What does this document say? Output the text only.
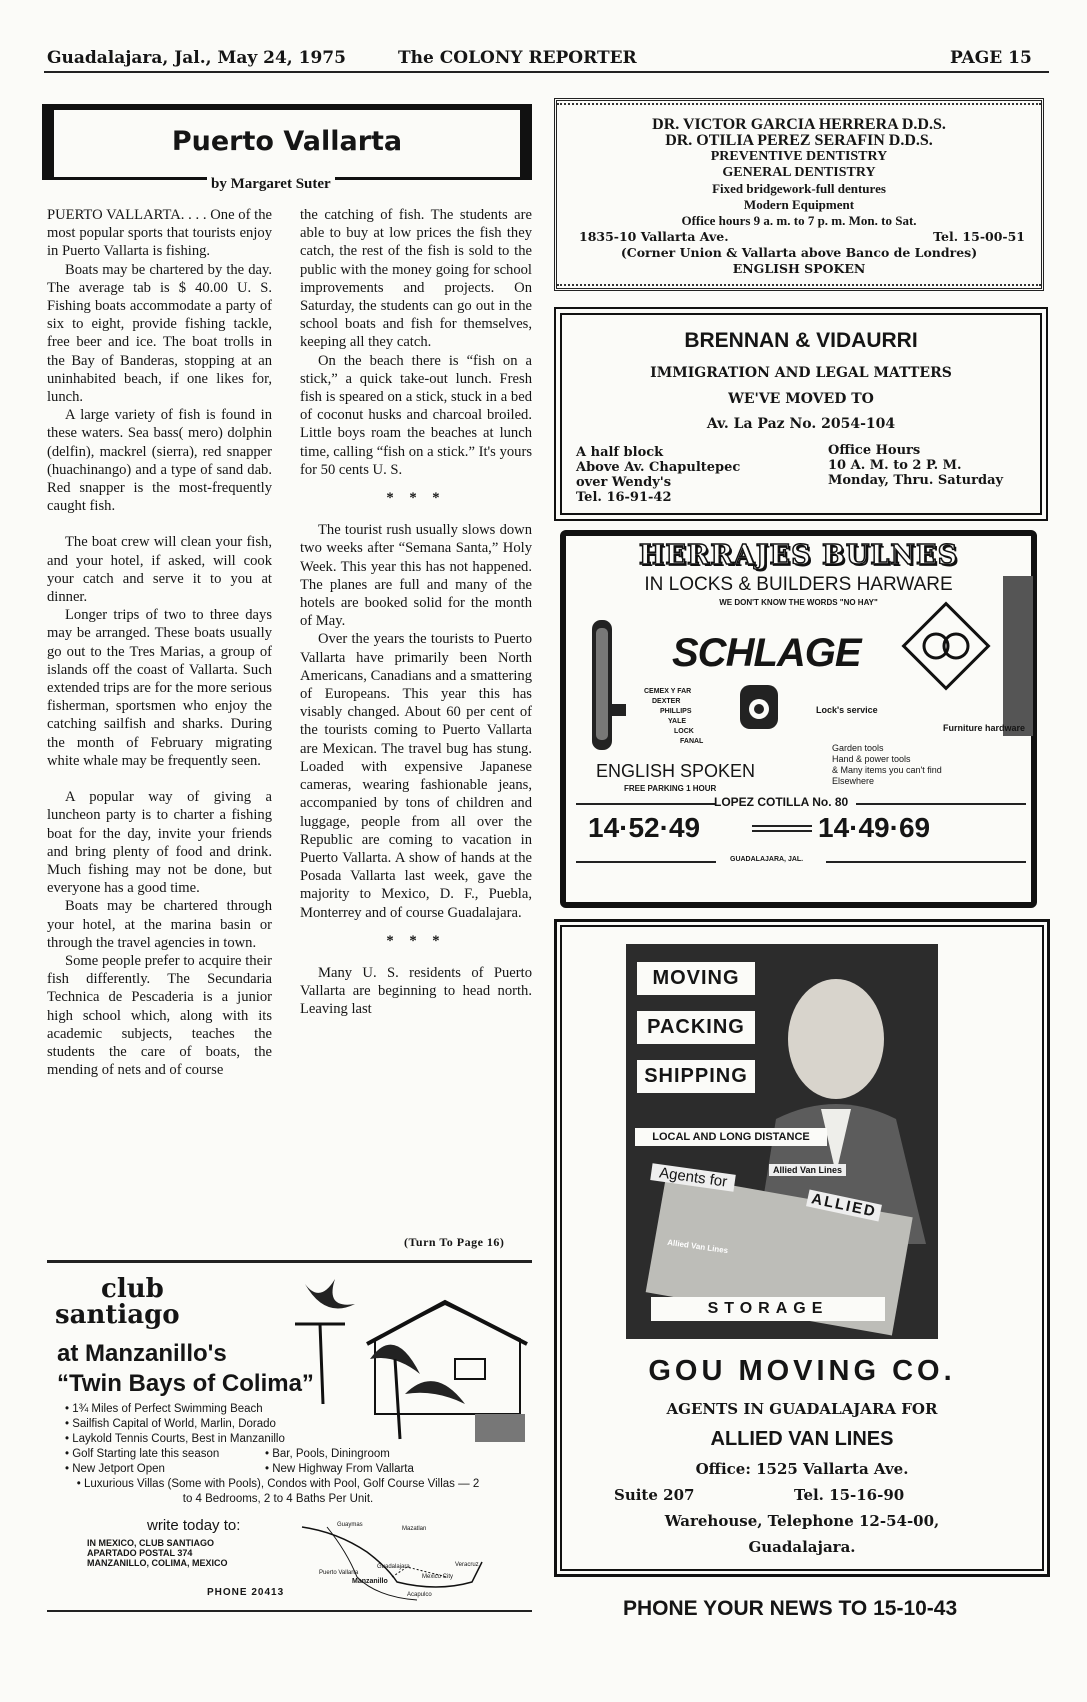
Guadalajara, Jal., May 24, 1975	The COLONY REPORTER	PAGE 15
Puerto Vallarta
by Margaret Suter

PUERTO VALLARTA. . . . One of the most popular sports that tourists enjoy in Puerto Vallarta is fishing.

Boats may be chartered by the day. The average tab is $ 40.00 U. S. Fishing boats accommodate a party of six to eight, provide fishing tackle, free beer and ice. The boat trolls in the Bay of Banderas, stopping at an uninhabited beach, if one likes for, lunch.

A large variety of fish is found in these waters. Sea bass( mero) dolphin (delfin), mackrel (sierra), red snapper (huachinango) and a type of sand dab. Red snapper is the most-frequently caught fish.

The boat crew will clean your fish, and your hotel, if asked, will cook your catch and serve it to you at dinner.

Longer trips of two to three days may be arranged. These boats usually go out to the Tres Marias, a group of islands off the coast of Vallarta. Such extended trips are for the more serious fisherman, sportsmen who enjoy the catching sailfish and sharks. During the month of February migrating white whale may be frequently seen.

A popular way of giving a luncheon party is to charter a fishing boat for the day, invite your friends and bring plenty of food and drink. Much fishing may not be done, but everyone has a good time.

Boats may be chartered through your hotel, at the marina basin or through the travel agencies in town.

Some people prefer to acquire their fish differently. The Secundaria Technica de Pescaderia is a junior high school which, along with its academic subjects, teaches the students the care of boats, the mending of nets and of course

the catching of fish. The students are able to buy at low prices the fish they catch, the rest of the fish is sold to the public with the money going for school improvements and projects. On Saturday, the students can go out in the school boats and fish for themselves, keeping all they catch.

On the beach there is “fish on a stick,” a quick take-out lunch. Fresh fish is speared on a stick, stuck in a bed of coconut husks and charcoal broiled. Little boys roam the beaches at lunch time, calling “fish on a stick.” It's yours for 50 cents U. S.

* * *

The tourist rush usually slows down two weeks after “Semana Santa,” Holy Week. This year this has not happened. The planes are full and many of the hotels are booked solid for the month of May.

Over the years the tourists to Puerto Vallarta have primarily been North Americans, Canadians and a smattering of Europeans. This year this has visably changed. About 60 per cent of the tourists coming to Puerto Vallarta are Mexican. The travel bug has stung. Loaded with expensive Japanese cameras, wearing fashionable jeans, accompanied by tons of children and luggage, people from all over the Republic are coming to vacation in Puerto Vallarta. A show of hands at the Posada Vallarta last week, gave the majority to Mexico, D. F., Puebla, Monterrey and of course Guadalajara.

* * *

Many U. S. residents of Puerto Vallarta are beginning to head north. Leaving last

(Turn To Page 16)
DR. VICTOR GARCIA HERRERA D.D.S.
DR. OTILIA PEREZ SERAFIN D.D.S.
PREVENTIVE DENTISTRY
GENERAL DENTISTRY
Fixed bridgework-full dentures
Modern Equipment
Office hours 9 a. m. to 7 p. m. Mon. to Sat.
1835-10 Vallarta Ave.	Tel. 15-00-51
(Corner Union & Vallarta above Banco de Londres)
ENGLISH SPOKEN
BRENNAN & VIDAURRI
IMMIGRATION AND LEGAL MATTERS
WE'VE MOVED TO
Av. La Paz No. 2054-104
A half block
Above Av. Chapultepec
over Wendy's
Tel. 16-91-42
Office Hours
10 A. M. to 2 P. M.
Monday, Thru. Saturday
HERRAJES BULNES
IN LOCKS & BUILDERS HARWARE
WE DON'T KNOW THE WORDS "NO HAY"
SCHLAGE
CEMEX Y FAR
DEXTER
PHILLIPS
YALE
LOCK
FANAL
Lock's service
Furniture hardware
Garden tools
Hand & power tools
& Many items you can't find
Elsewhere
ENGLISH SPOKEN
FREE PARKING 1 HOUR
LOPEZ COTILLA No. 80
14·52·49	14·49·69
GUADALAJARA, JAL.
MOVING
PACKING
SHIPPING
LOCAL AND LONG DISTANCE
Agents for	Allied Van Lines
ALLIED
Allied Van Lines
STORAGE
GOU MOVING CO.
AGENTS IN GUADALAJARA FOR
ALLIED VAN LINES
Office: 1525 Vallarta Ave.
Suite 207	Tel. 15-16-90
Warehouse, Telephone 12-54-00,
Guadalajara.
club
santiago
at Manzanillo's
“Twin Bays of Colima”
• 1¾ Miles of Perfect Swimming Beach
• Sailfish Capital of World, Marlin, Dorado
• Laykold Tennis Courts, Best in Manzanillo
• Golf Starting late this season	• Bar, Pools, Diningroom
• New Jetport Open	• New Highway From Vallarta
• Luxurious Villas (Some with Pools), Condos with Pool, Golf Course Villas — 2 to 4 Bedrooms, 2 to 4 Baths Per Unit.
write today to:
IN MEXICO, CLUB SANTIAGO
APARTADO POSTAL 374
MANZANILLO, COLIMA, MEXICO
PHONE 20413
Guaymas
Mazatlan
Guadalajara
Puerto Vallarta
Manzanillo
Mexico City
Veracruz
Acapulco
PHONE YOUR NEWS TO 15-10-43
